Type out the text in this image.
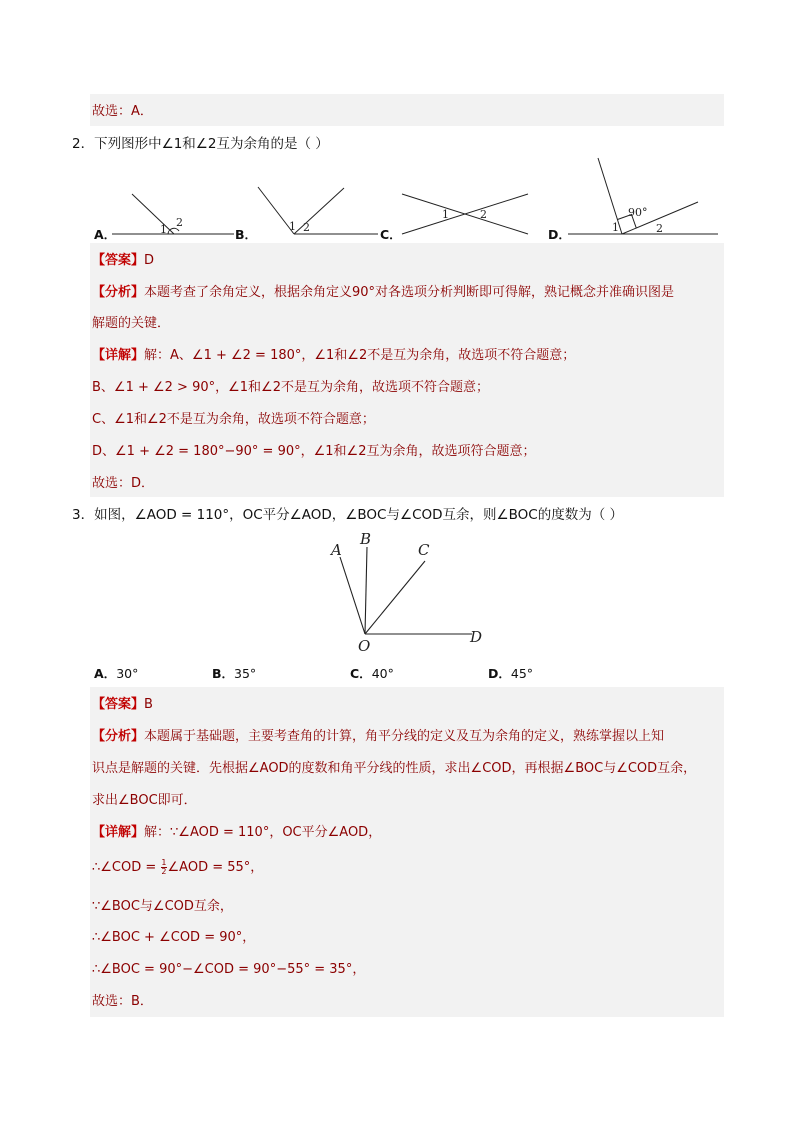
故选：A．
2．下列图形中∠1和∠2互为余角的是（ ）
1
2	1 2
1	2
1	2
90°
A．	B．	C．	D．
【答案】D
【分析】本题考查了余角定义，根据余角定义90°对各选项分析判断即可得解，熟记概念并准确识图是
解题的关键．
【详解】解：A、∠1 + ∠2 = 180°，∠1和∠2不是互为余角，故选项不符合题意；
B、∠1 + ∠2 > 90°，∠1和∠2不是互为余角，故选项不符合题意；
C、∠1和∠2不是互为余角，故选项不符合题意；
D、∠1 + ∠2 = 180°−90° = 90°，∠1和∠2互为余角，故选项符合题意；
故选：D．
3．如图，∠AOD = 110°，OC平分∠AOD，∠BOC与∠COD互余，则∠BOC的度数为（ ）
A
B
C
D
O
A．30°	B．35°	C．40°	D．45°
【答案】B
【分析】本题属于基础题，主要考查角的计算，角平分线的定义及互为余角的定义，熟练掌握以上知
识点是解题的关键．先根据∠AOD的度数和角平分线的性质，求出∠COD，再根据∠BOC与∠COD互余，
求出∠BOC即可．
【详解】解：∵∠AOD = 110°，OC平分∠AOD，
∴∠COD = $\frac{1}{2}$ ∠AOD = 55°，
∵∠BOC与∠COD互余，
∴∠BOC + ∠COD = 90°，
∴∠BOC = 90°−∠COD = 90°−55° = 35°，
故选：B．
